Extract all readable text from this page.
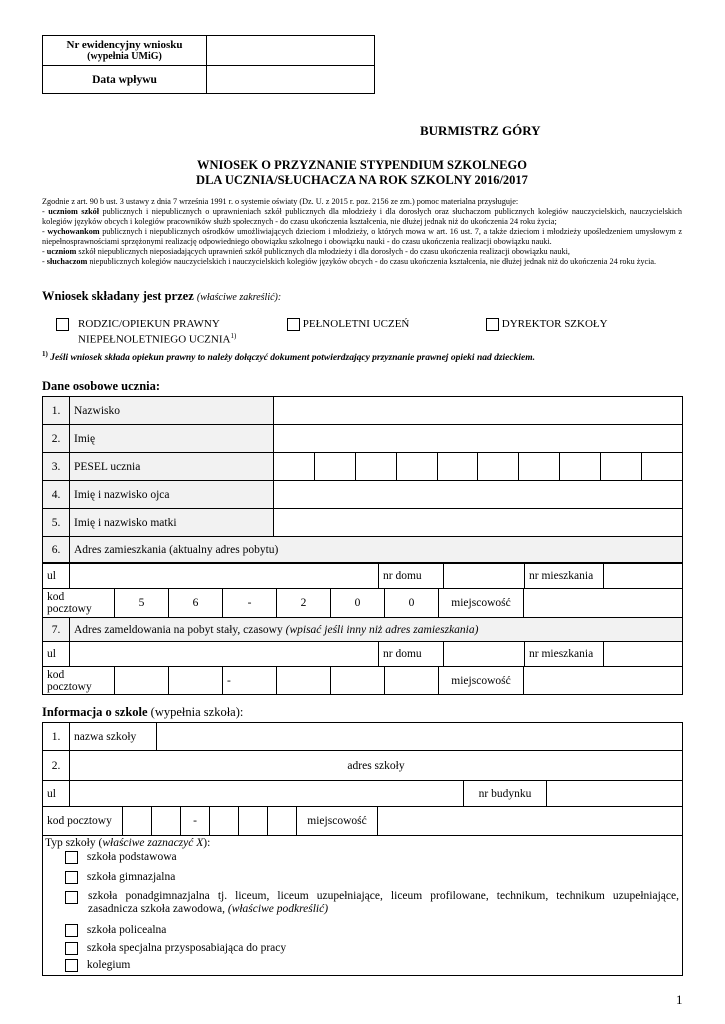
Nr ewidencyjny wniosku
(wypełnia UMiG)	

Data wpływu	
BURMISTRZ GÓRY
WNIOSEK O PRZYZNANIE STYPENDIUM SZKOLNEGO
DLA UCZNIA/SŁUCHACZA NA ROK SZKOLNY 2016/2017

Zgodnie z art. 90 b ust. 3 ustawy z dnia 7 września 1991 r. o systemie oświaty (Dz. U. z 2015 r. poz. 2156 ze zm.) pomoc materialna przysługuje:

- uczniom szkół publicznych i niepublicznych o uprawnieniach szkół publicznych dla młodzieży i dla dorosłych oraz słuchaczom publicznych kolegiów nauczycielskich, nauczycielskich kolegiów języków obcych i kolegiów pracowników służb społecznych - do czasu ukończenia kształcenia, nie dłużej jednak niż do ukończenia 24 roku życia;

- wychowankom publicznych i niepublicznych ośrodków umożliwiających dzieciom i młodzieży, o których mowa w art. 16 ust. 7, a także dzieciom i młodzieży upośledzeniem umysłowym z niepełnosprawnościami sprzężonymi realizację odpowiedniego obowiązku szkolnego i obowiązku nauki - do czasu ukończenia realizacji obowiązku nauki.

- uczniom szkół niepublicznych nieposiadających uprawnień szkół publicznych dla młodzieży i dla dorosłych - do czasu ukończenia realizacji obowiązku nauki,

- słuchaczom niepublicznych kolegiów nauczycielskich i nauczycielskich kolegiów języków obcych - do czasu ukończenia kształcenia, nie dłużej jednak niż do ukończenia 24 roku życia.

Wniosek składany jest przez (właściwe zakreślić):
RODZIC/OPIEKUN PRAWNY
NIEPEŁNOLETNIEGO UCZNIA$^{1)}$
PEŁNOLETNI UCZEŃ	DYREKTOR SZKOŁY
$^{1)}$ Jeśli wniosek składa opiekun prawny to należy dołączyć dokument potwierdzający przyznanie prawnej opieki nad dzieckiem.
Dane osobowe ucznia:
1.	Nazwisko										
2.	Imię										
3.	PESEL ucznia										
4.	Imię i nazwisko ojca										
5.	Imię i nazwisko matki										
6.	Adres zamieszkania (aktualny adres pobytu)										
ul		nr domu		nr mieszkania	
kod
pocztowy	5	6	-	2	0	0	miejscowość	
7.	Adres zameldowania na pobyt stały, czasowy (wpisać jeśli inny niż adres zamieszkania)
ul		nr domu		nr mieszkania	
kod
pocztowy			-				miejscowość	
Informacja o szkole (wypełnia szkoła):
1.	nazwa szkoły	
2.	adres szkoły	
ul		nr budynku	
kod pocztowy			-				miejscowość	
Typ szkoły (właściwe zaznaczyć X):
szkoła podstawowa
szkoła gimnazjalna
szkoła ponadgimnazjalna tj. liceum, liceum uzupełniające, liceum profilowane, technikum, technikum uzupełniające, zasadnicza szkoła zawodowa, (właściwe podkreślić)
szkoła policealna
szkoła specjalna przysposabiająca do pracy
kolegium
1
